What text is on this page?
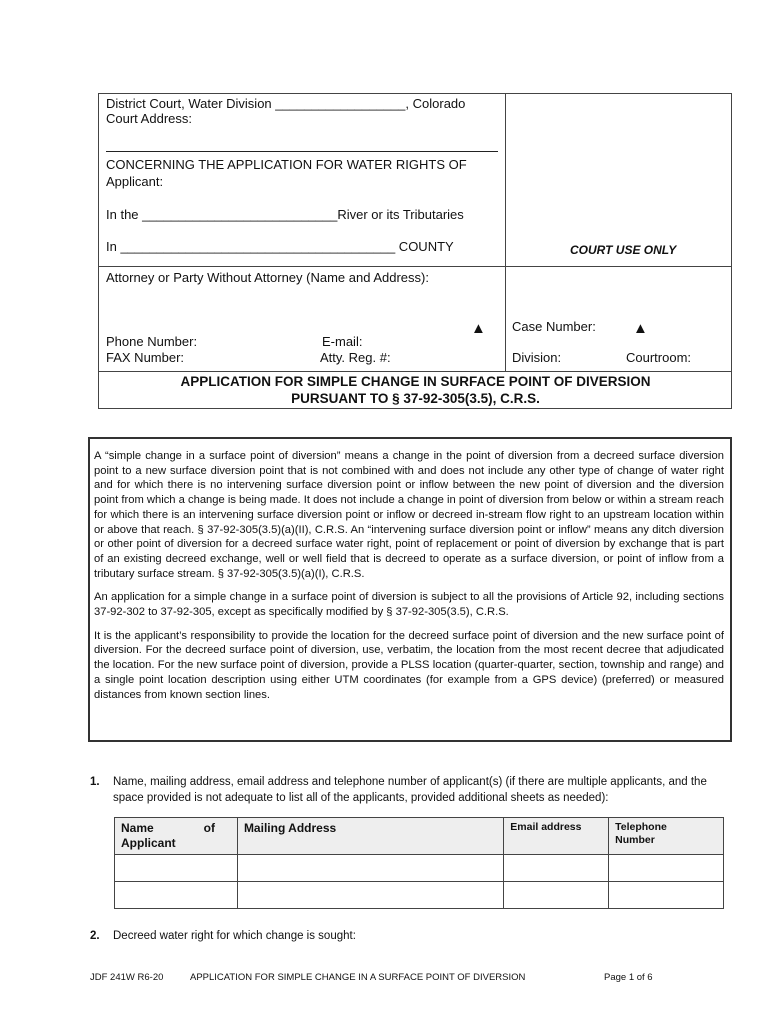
District Court, Water Division __________________, Colorado
Court Address:
CONCERNING THE APPLICATION FOR WATER RIGHTS OF
Applicant:
In the ___________________________River or its Tributaries
In ______________________________________ COUNTY	COURT USE ONLY
Attorney or Party Without Attorney (Name and Address):
▲
Phone Number:	E-mail:
FAX Number:	Atty. Reg. #:
Case Number: ▲
Division:	Courtroom:
APPLICATION FOR SIMPLE CHANGE IN SURFACE POINT OF DIVERSION
PURSUANT TO § 37-92-305(3.5), C.R.S.

A “simple change in a surface point of diversion” means a change in the point of diversion from a decreed surface diversion point to a new surface diversion point that is not combined with and does not include any other type of change of water right and for which there is no intervening surface diversion point or inflow between the new point of diversion and the diversion point from which a change is being made. It does not include a change in point of diversion from below or within a stream reach for which there is an intervening surface diversion point or inflow or decreed in-stream flow right to an upstream location within or above that reach. § 37-92-305(3.5)(a)(II), C.R.S. An “intervening surface diversion point or inflow” means any ditch diversion or other point of diversion for a decreed surface water right, point of replacement or point of diversion by exchange that is part of an existing decreed exchange, well or well field that is decreed to operate as a surface diversion, or point of inflow from a tributary surface stream. § 37-92-305(3.5)(a)(I), C.R.S.

An application for a simple change in a surface point of diversion is subject to all the provisions of Article 92, including sections 37-92-302 to 37-92-305, except as specifically modified by § 37-92-305(3.5), C.R.S.

It is the applicant’s responsibility to provide the location for the decreed surface point of diversion and the new surface point of diversion. For the decreed surface point of diversion, use, verbatim, the location from the most recent decree that adjudicated the location. For the new surface point of diversion, provide a PLSS location (quarter-quarter, section, township and range) and a single point location description using either UTM coordinates (for example from a GPS device) (preferred) or measured distances from known section lines.

1. Name, mailing address, email address and telephone number of applicant(s) (if there are multiple applicants, and the space provided is not adequate to list all of the applicants, provided additional sheets as needed):
Name of
Applicant	Mailing Address	Email address	Telephone Number

2. Decreed water right for which change is sought:
JDF 241W R6-20	APPLICATION FOR SIMPLE CHANGE IN A SURFACE POINT OF DIVERSION	Page 1 of 6
